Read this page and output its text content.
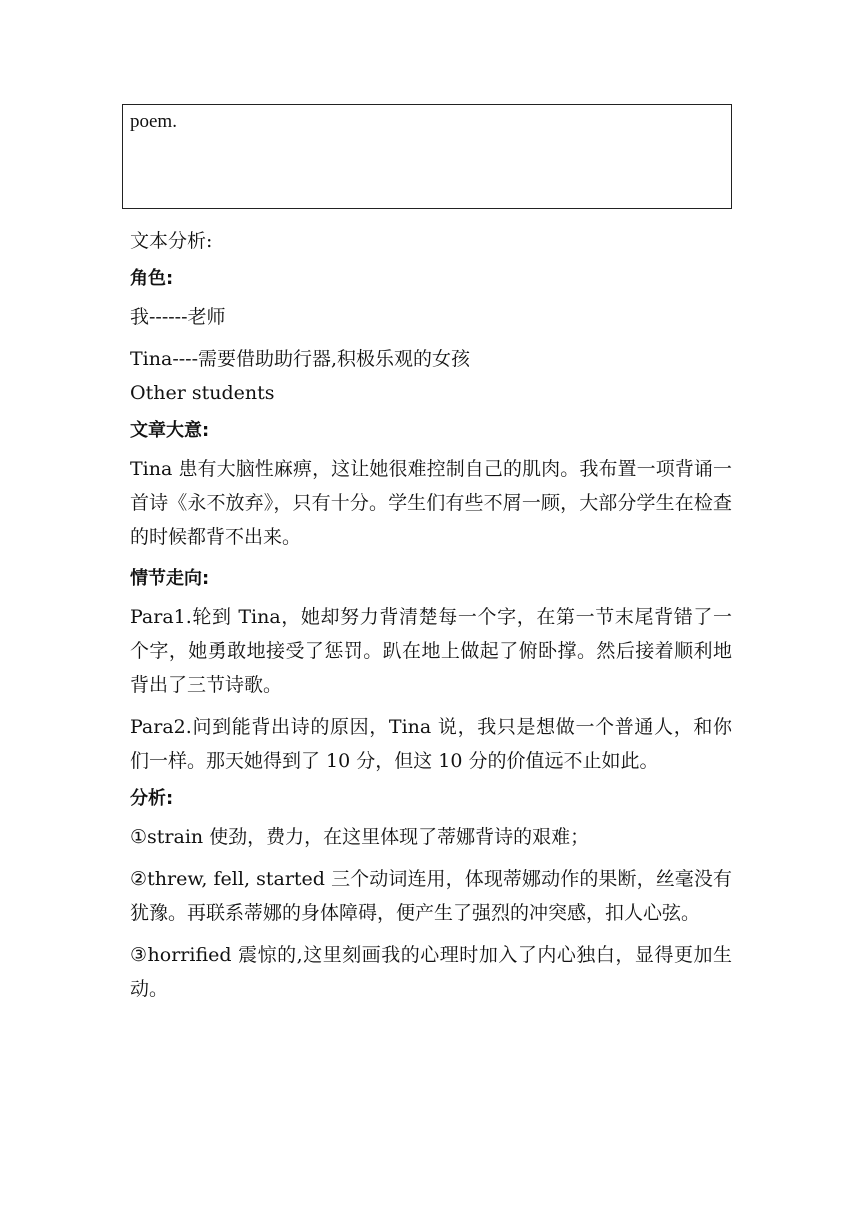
poem.

文本分析:

角色:

我------老师

Tina----需要借助助行器,积极乐观的女孩

Other students

文章大意:

Tina 患有大脑性麻痹，这让她很难控制自己的肌肉。我布置一项背诵一首诗《永不放弃》，只有十分。学生们有些不屑一顾，大部分学生在检查的时候都背不出来。

情节走向:

Para1.轮到 Tina，她却努力背清楚每一个字，在第一节末尾背错了一个字，她勇敢地接受了惩罚。趴在地上做起了俯卧撑。然后接着顺利地背出了三节诗歌。

Para2.问到能背出诗的原因，Tina 说，我只是想做一个普通人，和你们一样。那天她得到了 10 分，但这 10 分的价值远不止如此。

分析:

①strain 使劲，费力，在这里体现了蒂娜背诗的艰难；

②threw, fell, started 三个动词连用，体现蒂娜动作的果断，丝毫没有犹豫。再联系蒂娜的身体障碍，便产生了强烈的冲突感，扣人心弦。

③horrified 震惊的,这里刻画我的心理时加入了内心独白，显得更加生动。
